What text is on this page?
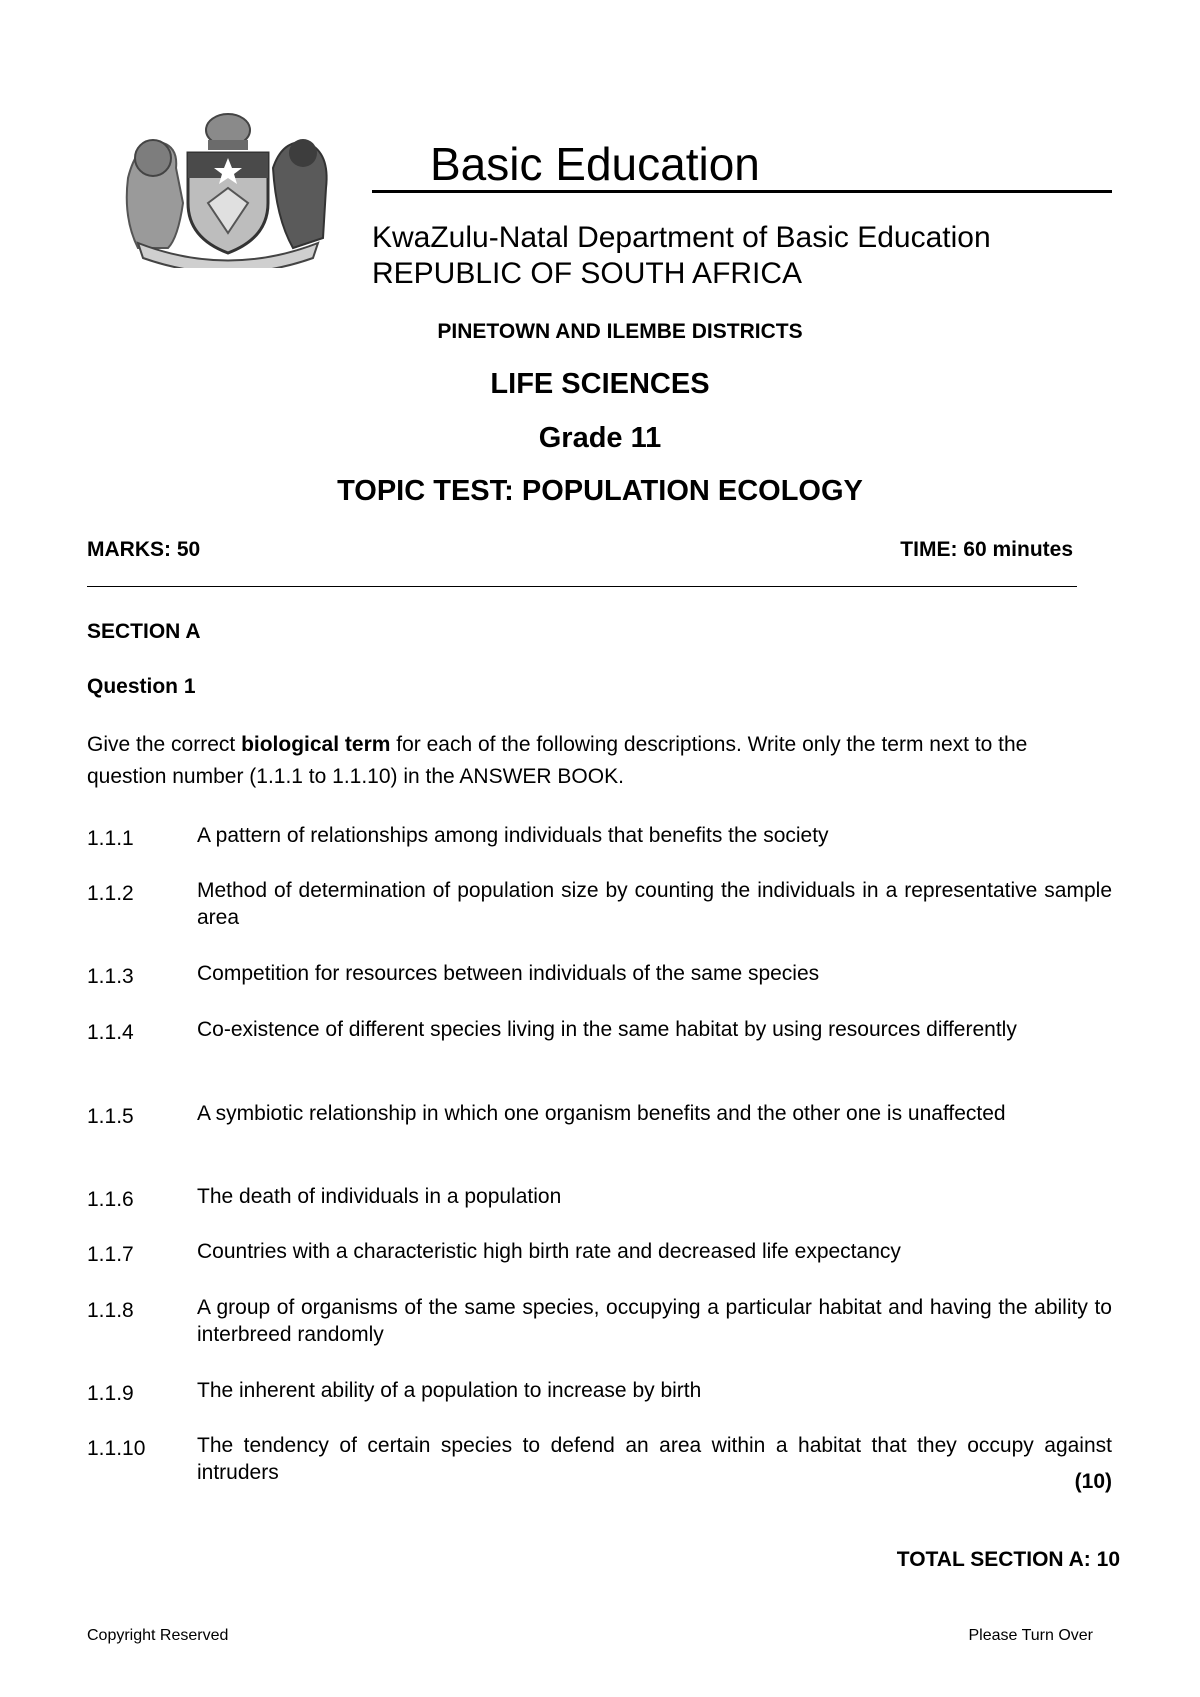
Basic Education
KwaZulu-Natal Department of Basic Education
REPUBLIC OF SOUTH AFRICA
PINETOWN AND ILEMBE DISTRICTS
LIFE SCIENCES
Grade 11
TOPIC TEST: POPULATION ECOLOGY
MARKS: 50	TIME: 60 minutes
SECTION A
Question 1
Give the correct biological term for each of the following descriptions. Write only the term next to the question number (1.1.1 to 1.1.10) in the ANSWER BOOK.
1.1.1	A pattern of relationships among individuals that benefits the society
1.1.2	Method of determination of population size by counting the individuals in a representative sample area
1.1.3	Competition for resources between individuals of the same species
1.1.4	Co-existence of different species living in the same habitat by using resources differently
1.1.5	A symbiotic relationship in which one organism benefits and the other one is unaffected
1.1.6	The death of individuals in a population
1.1.7	Countries with a characteristic high birth rate and decreased life expectancy
1.1.8	A group of organisms of the same species, occupying a particular habitat and having the ability to interbreed randomly
1.1.9	The inherent ability of a population to increase by birth
1.1.10	The tendency of certain species to defend an area within a habitat that they occupy against intruders	(10)
TOTAL SECTION A: 10
Copyright Reserved	Please Turn Over
